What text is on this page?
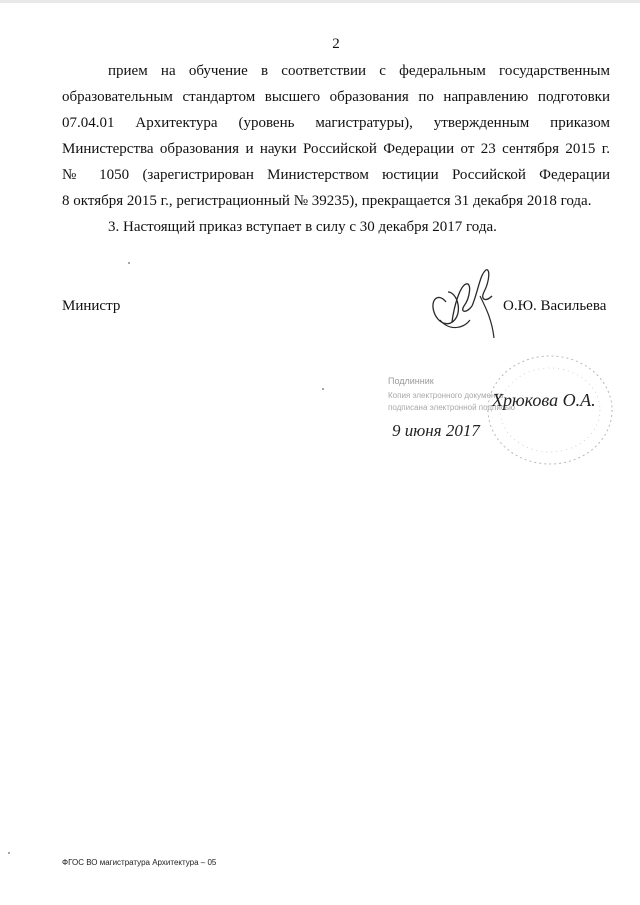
2
прием на обучение в соответствии с федеральным государственным
образовательным стандартом высшего образования по направлению подготовки
07.04.01 Архитектура (уровень магистратуры), утвержденным приказом
Министерства образования и науки Российской Федерации от 23 сентября 2015 г.
№ 1050 (зарегистрирован Министерством юстиции Российской Федерации
8 октября 2015 г., регистрационный № 39235), прекращается 31 декабря 2018 года.
3. Настоящий приказ вступает в силу с 30 декабря 2017 года.
Министр	О.Ю. Васильева
Подлинник
Копия электронного документа
подписана электронной подписью
Хрюкова О.А.
9 июня 2017
ФГОС ВО магистратура Архитектура – 05
